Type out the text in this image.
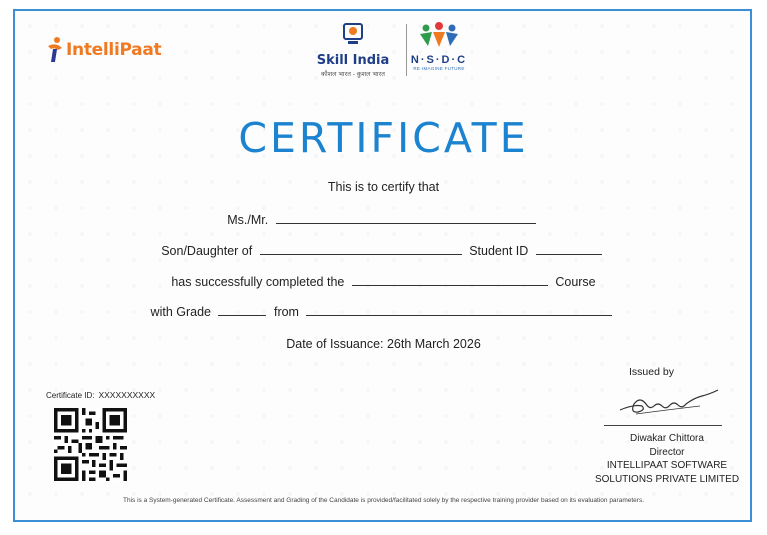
IntelliPaat
Skill India
कौशल भारत - कुशल भारत
N·S·D·C
RE·IMAGINE FUTURE
CERTIFICATE
This is to certify that
Ms./Mr.
Son/Daughter of	Student ID
has successfully completed the	Course
with Grade	from
Date of Issuance: 26th March 2026
Certificate ID: XXXXXXXXXX
Issued by
Diwakar Chittora
Director
INTELLIPAAT SOFTWARE
SOLUTIONS PRIVATE LIMITED
This is a System-generated Certificate. Assessment and Grading of the Candidate is provided/facilitated solely by the respective training provider based on its evaluation parameters.
